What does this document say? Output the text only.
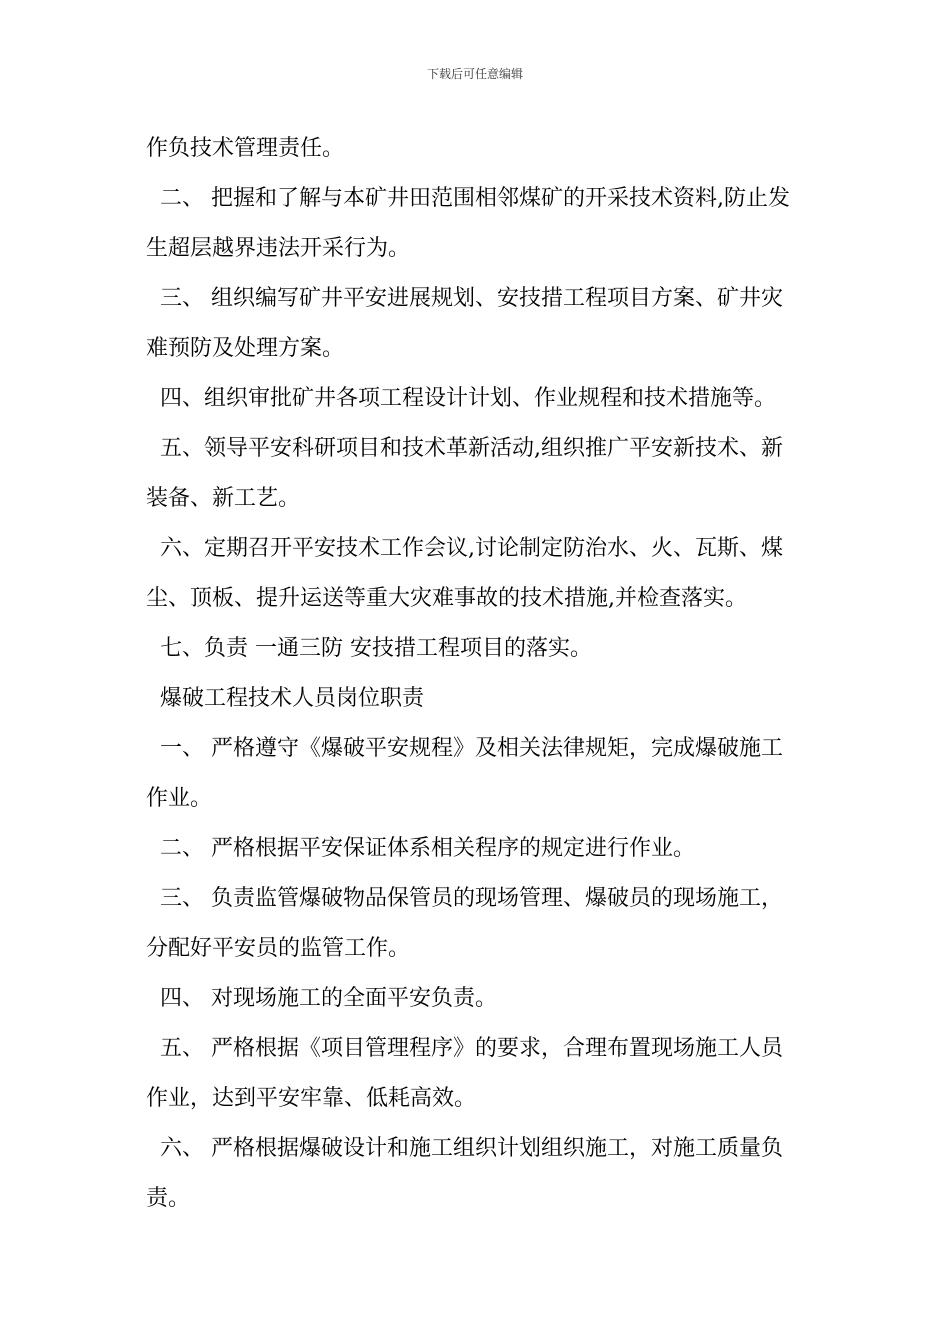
下载后可任意编辑
作负技术管理责任。
二、 把握和了解与本矿井田范围相邻煤矿的开采技术资料,防止发
生超层越界违法开采行为。
三、 组织编写矿井平安进展规划、安技措工程项目方案、矿井灾
难预防及处理方案。
四、组织审批矿井各项工程设计计划、作业规程和技术措施等。
五、领导平安科研项目和技术革新活动,组织推广平安新技术、新
装备、新工艺。
六、定期召开平安技术工作会议,讨论制定防治水、火、瓦斯、煤
尘、顶板、提升运送等重大灾难事故的技术措施,并检查落实。
七、负责 一通三防 安技措工程项目的落实。
爆破工程技术人员岗位职责
一、 严格遵守《爆破平安规程》及相关法律规矩，完成爆破施工
作业。
二、 严格根据平安保证体系相关程序的规定进行作业。
三、 负责监管爆破物品保管员的现场管理、爆破员的现场施工，
分配好平安员的监管工作。
四、 对现场施工的全面平安负责。
五、 严格根据《项目管理程序》的要求，合理布置现场施工人员
作业，达到平安牢靠、低耗高效。
六、 严格根据爆破设计和施工组织计划组织施工，对施工质量负
责。
